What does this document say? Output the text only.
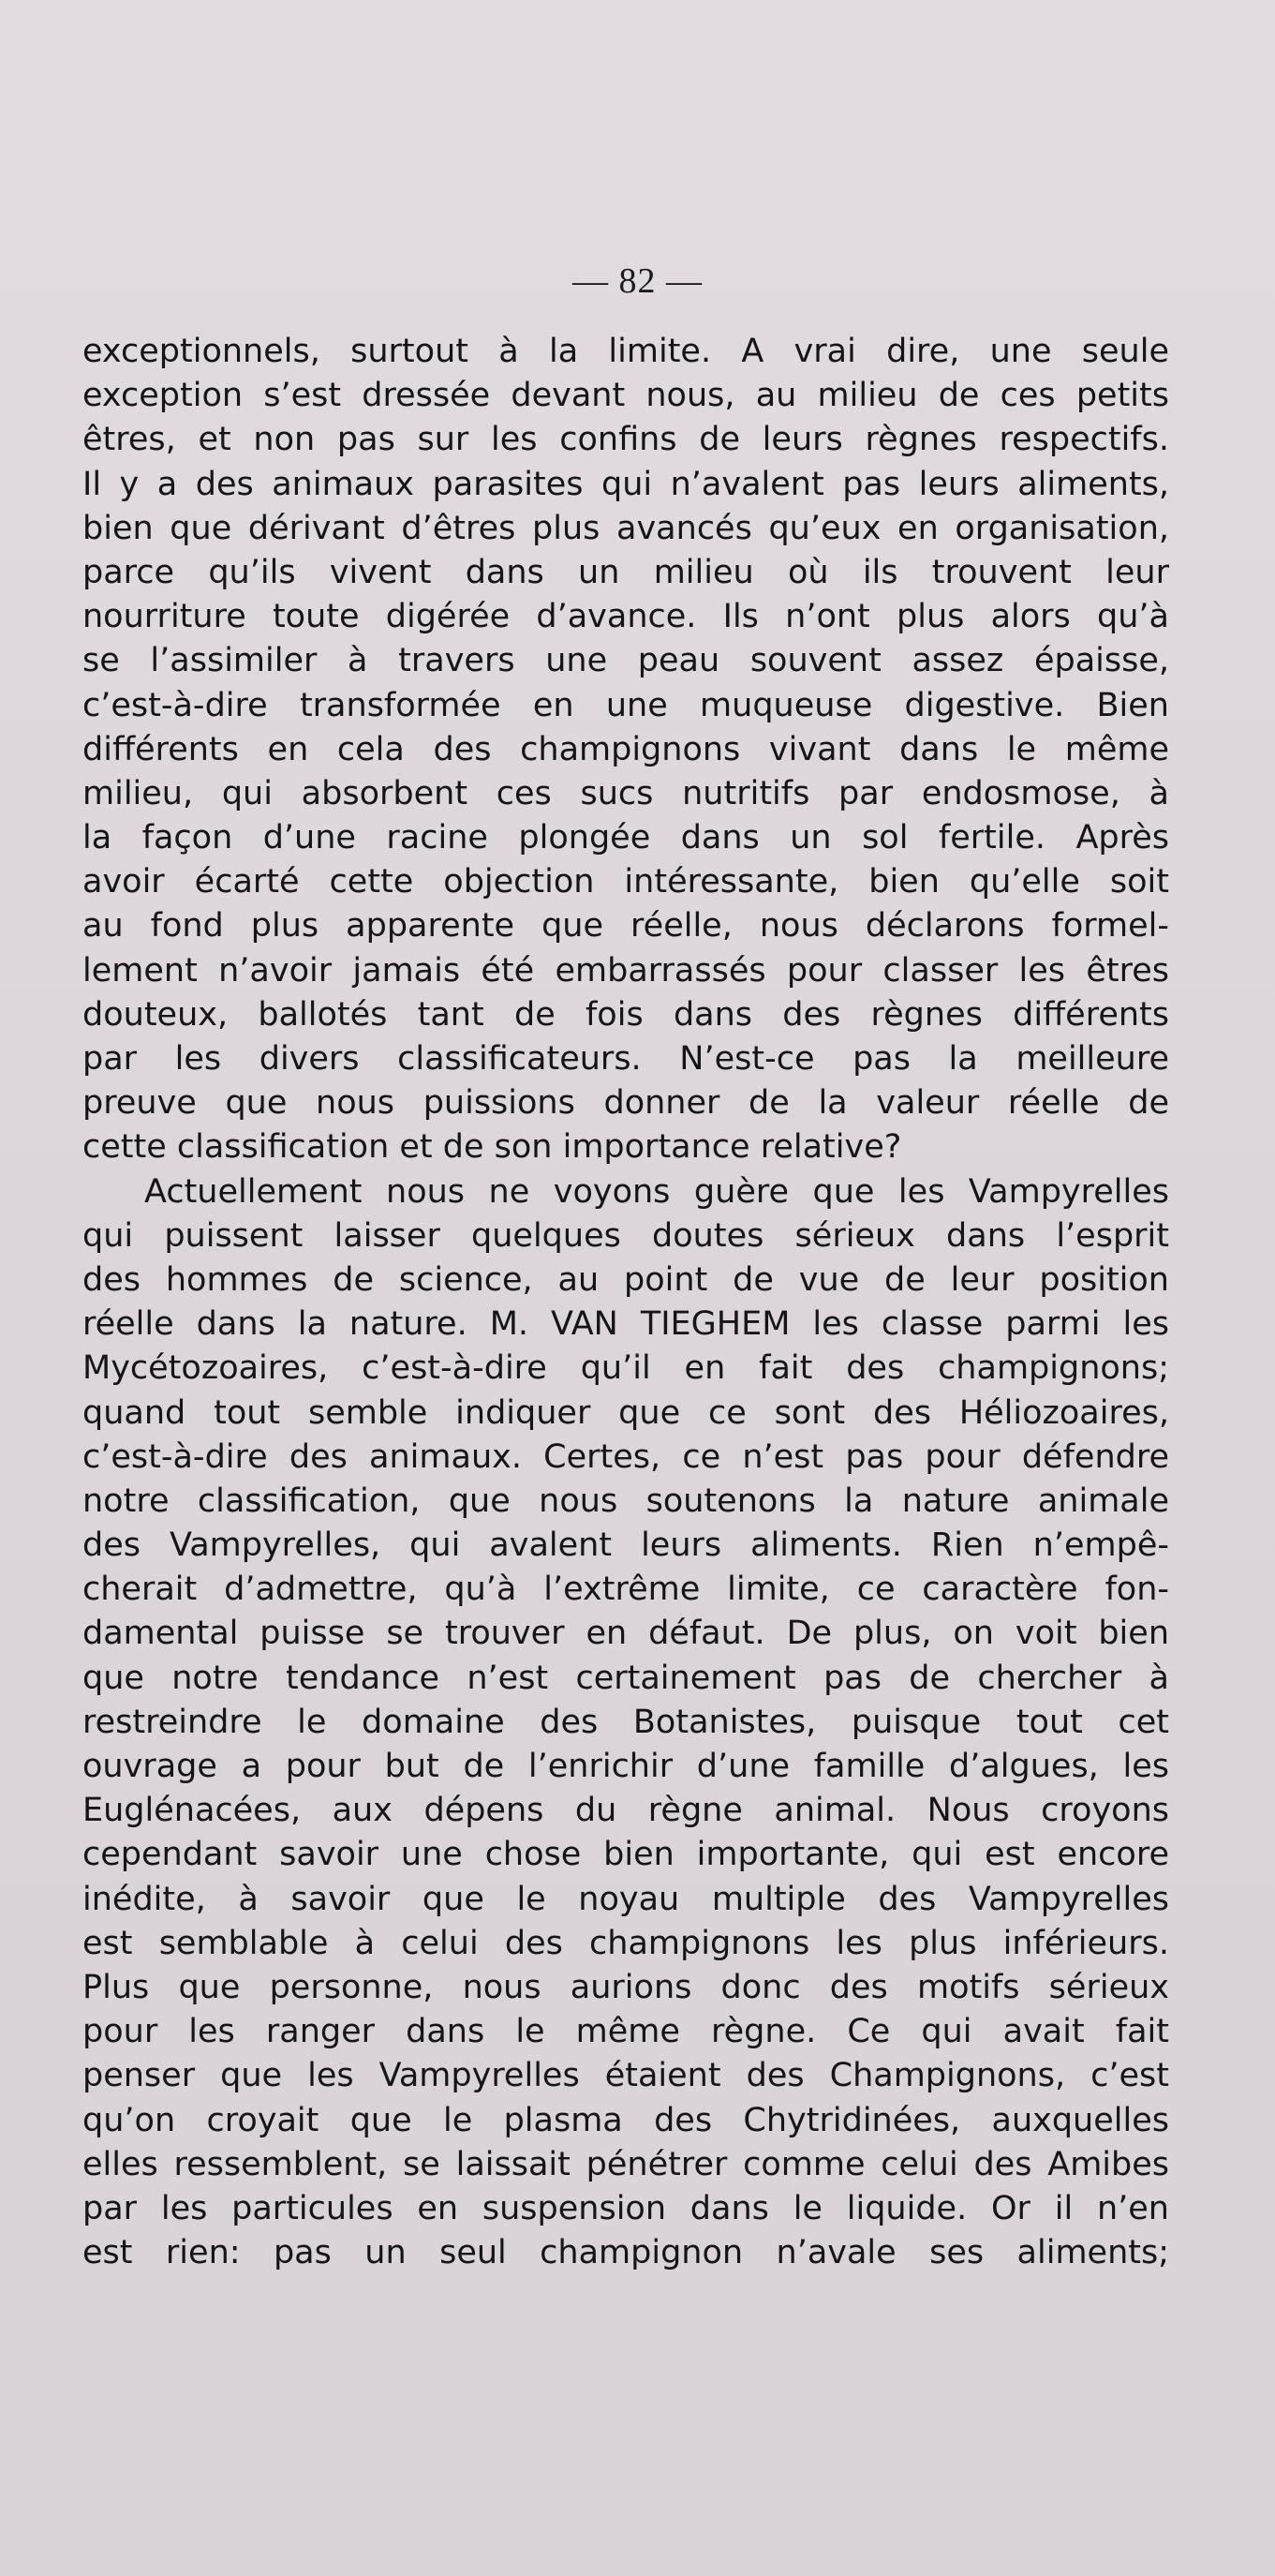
— 82 —
exceptionnels, surtout à la limite. A vrai dire, une seule
exception s’est dressée devant nous, au milieu de ces petits
êtres, et non pas sur les confins de leurs règnes respectifs.
Il y a des animaux parasites qui n’avalent pas leurs aliments,
bien que dérivant d’êtres plus avancés qu’eux en organisation,
parce qu’ils vivent dans un milieu où ils trouvent leur
nourriture toute digérée d’avance. Ils n’ont plus alors qu’à
se l’assimiler à travers une peau souvent assez épaisse,
c’est-à-dire transformée en une muqueuse digestive. Bien
différents en cela des champignons vivant dans le même
milieu, qui absorbent ces sucs nutritifs par endosmose, à
la façon d’une racine plongée dans un sol fertile. Après
avoir écarté cette objection intéressante, bien qu’elle soit
au fond plus apparente que réelle, nous déclarons formel-
lement n’avoir jamais été embarrassés pour classer les êtres
douteux, ballotés tant de fois dans des règnes différents
par les divers classificateurs. N’est-ce pas la meilleure
preuve que nous puissions donner de la valeur réelle de
cette classification et de son importance relative?
Actuellement nous ne voyons guère que les Vampyrelles
qui puissent laisser quelques doutes sérieux dans l’esprit
des hommes de science, au point de vue de leur position
réelle dans la nature. M. VAN TIEGHEM les classe parmi les
Mycétozoaires, c’est-à-dire qu’il en fait des champignons;
quand tout semble indiquer que ce sont des Héliozoaires,
c’est-à-dire des animaux. Certes, ce n’est pas pour défendre
notre classification, que nous soutenons la nature animale
des Vampyrelles, qui avalent leurs aliments. Rien n’empê-
cherait d’admettre, qu’à l’extrême limite, ce caractère fon-
damental puisse se trouver en défaut. De plus, on voit bien
que notre tendance n’est certainement pas de chercher à
restreindre le domaine des Botanistes, puisque tout cet
ouvrage a pour but de l’enrichir d’une famille d’algues, les
Euglénacées, aux dépens du règne animal. Nous croyons
cependant savoir une chose bien importante, qui est encore
inédite, à savoir que le noyau multiple des Vampyrelles
est semblable à celui des champignons les plus inférieurs.
Plus que personne, nous aurions donc des motifs sérieux
pour les ranger dans le même règne. Ce qui avait fait
penser que les Vampyrelles étaient des Champignons, c’est
qu’on croyait que le plasma des Chytridinées, auxquelles
elles ressemblent, se laissait pénétrer comme celui des Amibes
par les particules en suspension dans le liquide. Or il n’en
est rien: pas un seul champignon n’avale ses aliments;
